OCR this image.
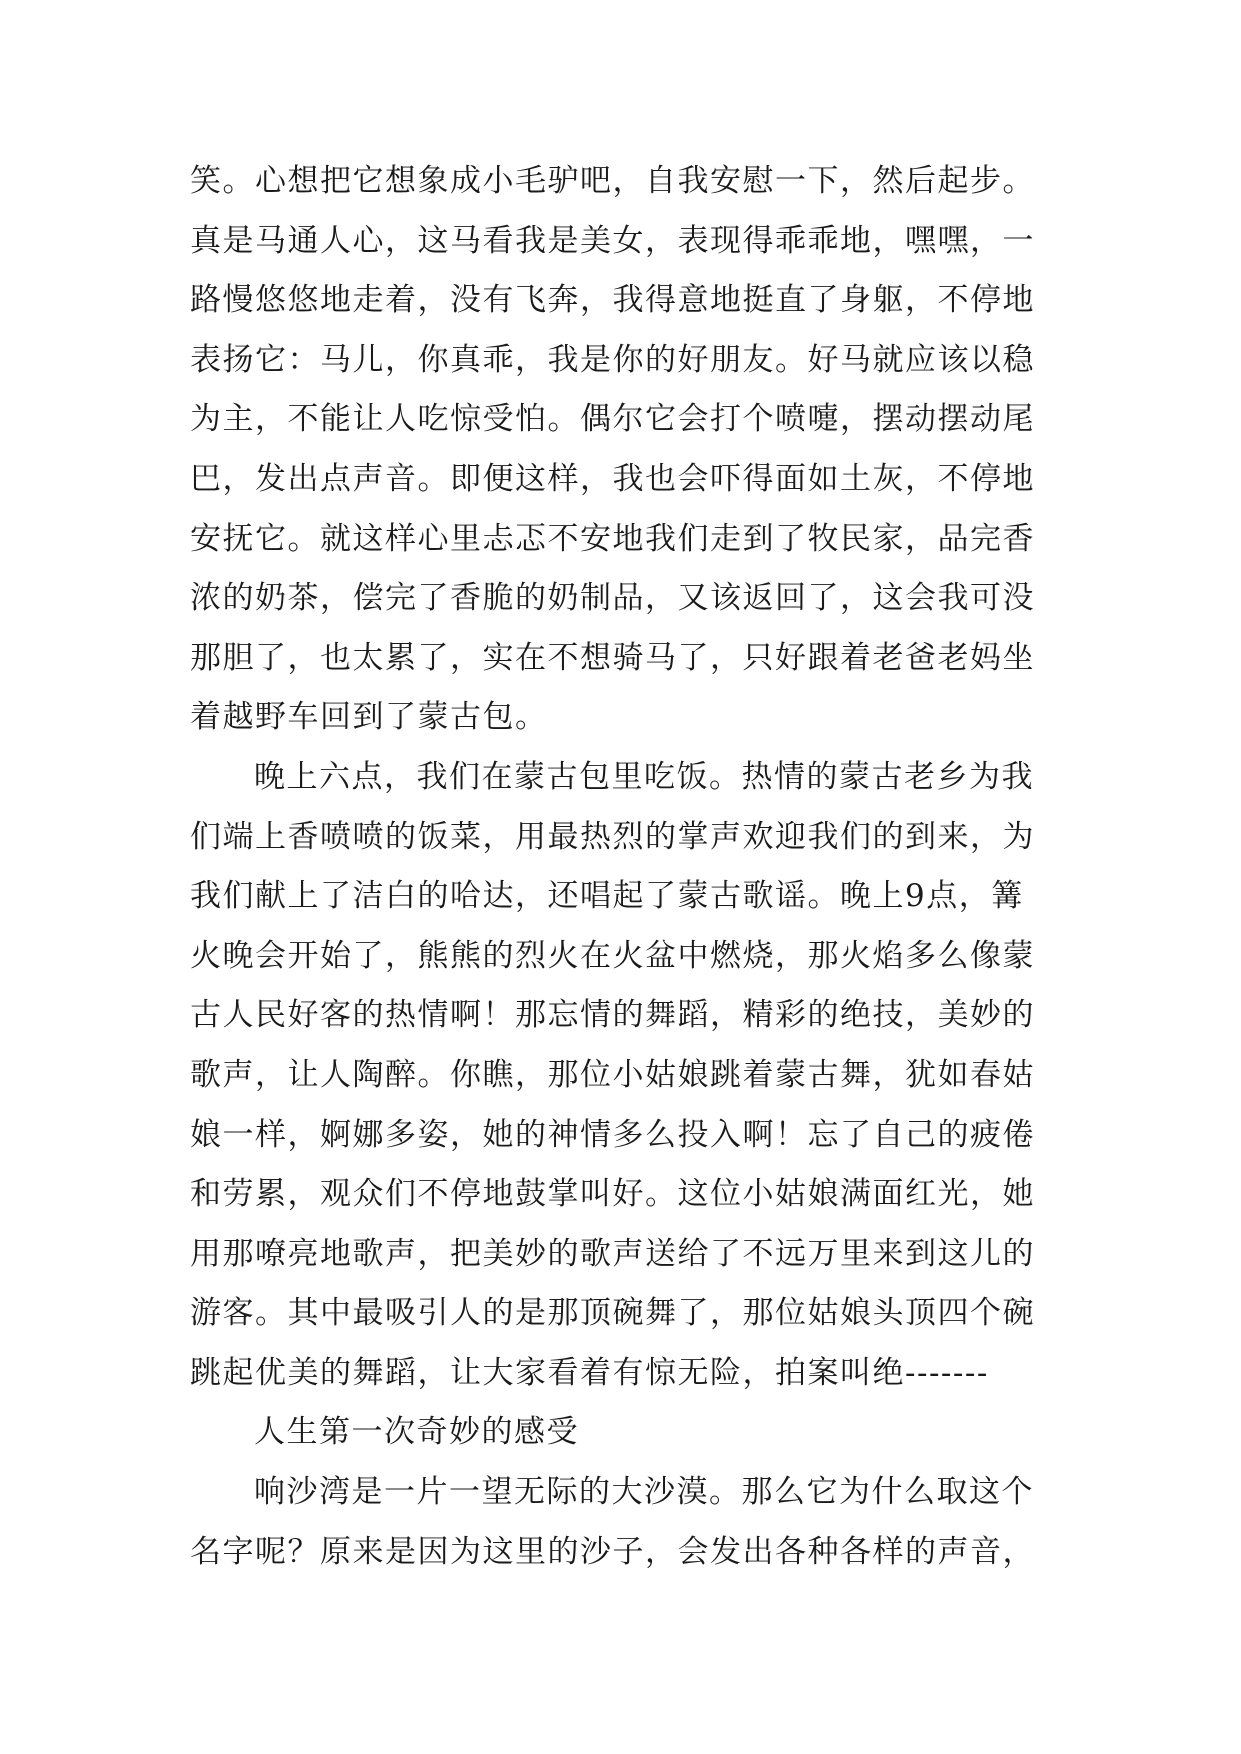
笑。心想把它想象成小毛驴吧，自我安慰一下，然后起步。
真是马通人心，这马看我是美女，表现得乖乖地，嘿嘿，一
路慢悠悠地走着，没有飞奔，我得意地挺直了身躯，不停地
表扬它：马儿，你真乖，我是你的好朋友。好马就应该以稳
为主，不能让人吃惊受怕。偶尔它会打个喷嚏，摆动摆动尾
巴，发出点声音。即便这样，我也会吓得面如土灰，不停地
安抚它。就这样心里忐忑不安地我们走到了牧民家，品完香
浓的奶茶，偿完了香脆的奶制品，又该返回了，这会我可没
那胆了，也太累了，实在不想骑马了，只好跟着老爸老妈坐
着越野车回到了蒙古包。
晚上六点，我们在蒙古包里吃饭。热情的蒙古老乡为我
们端上香喷喷的饭菜，用最热烈的掌声欢迎我们的到来，为
我们献上了洁白的哈达，还唱起了蒙古歌谣。晚上9点，篝
火晚会开始了，熊熊的烈火在火盆中燃烧，那火焰多么像蒙
古人民好客的热情啊！那忘情的舞蹈，精彩的绝技，美妙的
歌声，让人陶醉。你瞧，那位小姑娘跳着蒙古舞，犹如春姑
娘一样，婀娜多姿，她的神情多么投入啊！忘了自己的疲倦
和劳累，观众们不停地鼓掌叫好。这位小姑娘满面红光，她
用那嘹亮地歌声，把美妙的歌声送给了不远万里来到这儿的
游客。其中最吸引人的是那顶碗舞了，那位姑娘头顶四个碗
跳起优美的舞蹈，让大家看着有惊无险，拍案叫绝-------
人生第一次奇妙的感受
响沙湾是一片一望无际的大沙漠。那么它为什么取这个
名字呢？原来是因为这里的沙子，会发出各种各样的声音，
